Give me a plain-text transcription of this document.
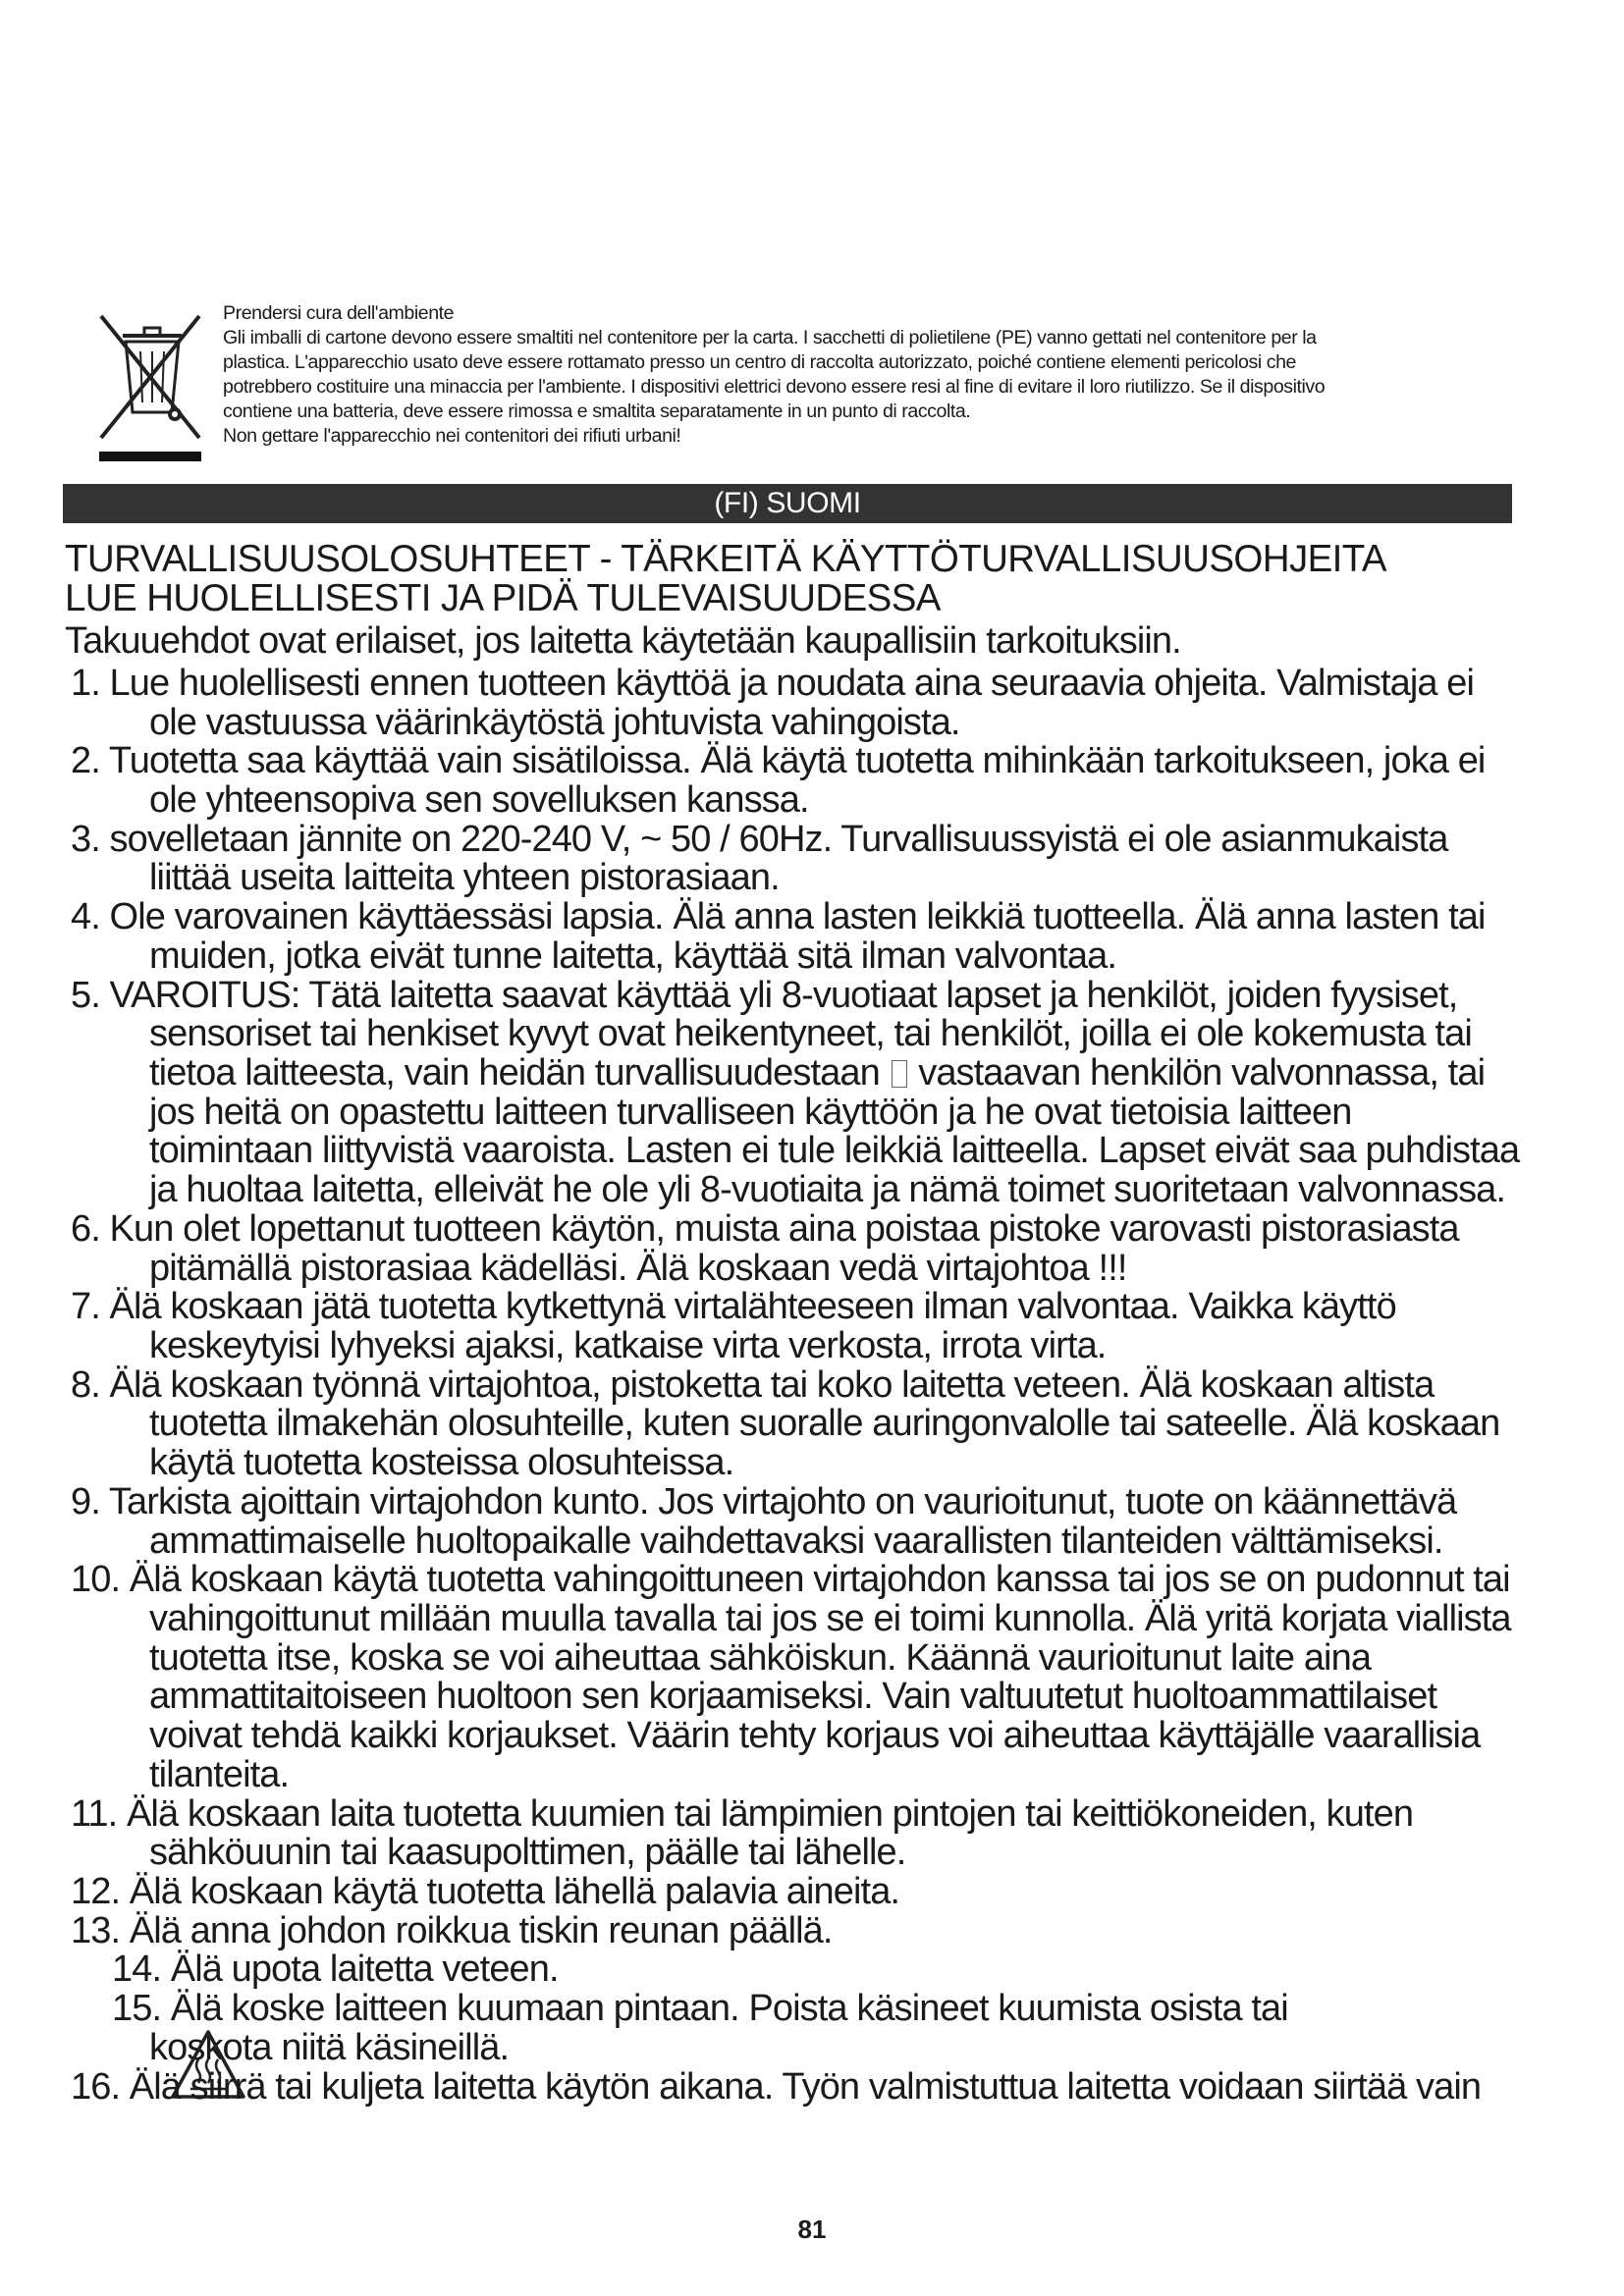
Prendersi cura dell'ambiente
Gli imballi di cartone devono essere smaltiti nel contenitore per la carta. I sacchetti di polietilene (PE) vanno gettati nel contenitore per la
plastica. L'apparecchio usato deve essere rottamato presso un centro di raccolta autorizzato, poiché contiene elementi pericolosi che
potrebbero costituire una minaccia per l'ambiente. I dispositivi elettrici devono essere resi al fine di evitare il loro riutilizzo. Se il dispositivo
contiene una batteria, deve essere rimossa e smaltita separatamente in un punto di raccolta.
Non gettare l'apparecchio nei contenitori dei rifiuti urbani!
(FI) SUOMI
TURVALLISUUSOLOSUHTEET - TÄRKEITÄ KÄYTTÖTURVALLISUUSOHJEITA
LUE HUOLELLISESTI JA PIDÄ TULEVAISUUDESSA
Takuuehdot ovat erilaiset, jos laitetta käytetään kaupallisiin tarkoituksiin.
1. Lue huolellisesti ennen tuotteen käyttöä ja noudata aina seuraavia ohjeita. Valmistaja ei
ole vastuussa väärinkäytöstä johtuvista vahingoista.
2. Tuotetta saa käyttää vain sisätiloissa. Älä käytä tuotetta mihinkään tarkoitukseen, joka ei
ole yhteensopiva sen sovelluksen kanssa.
3. sovelletaan jännite on 220-240 V, ~ 50 / 60Hz. Turvallisuussyistä ei ole asianmukaista
liittää useita laitteita yhteen pistorasiaan.
4. Ole varovainen käyttäessäsi lapsia. Älä anna lasten leikkiä tuotteella. Älä anna lasten tai
muiden, jotka eivät tunne laitetta, käyttää sitä ilman valvontaa.
5. VAROITUS: Tätä laitetta saavat käyttää yli 8-vuotiaat lapset ja henkilöt, joiden fyysiset,
sensoriset tai henkiset kyvyt ovat heikentyneet, tai henkilöt, joilla ei ole kokemusta tai
tietoa laitteesta, vain heidän turvallisuudestaan vastaavan henkilön valvonnassa, tai
jos heitä on opastettu laitteen turvalliseen käyttöön ja he ovat tietoisia laitteen
toimintaan liittyvistä vaaroista. Lasten ei tule leikkiä laitteella. Lapset eivät saa puhdistaa
ja huoltaa laitetta, elleivät he ole yli 8-vuotiaita ja nämä toimet suoritetaan valvonnassa.
6. Kun olet lopettanut tuotteen käytön, muista aina poistaa pistoke varovasti pistorasiasta
pitämällä pistorasiaa kädelläsi. Älä koskaan vedä virtajohtoa !!!
7. Älä koskaan jätä tuotetta kytkettynä virtalähteeseen ilman valvontaa. Vaikka käyttö
keskeytyisi lyhyeksi ajaksi, katkaise virta verkosta, irrota virta.
8. Älä koskaan työnnä virtajohtoa, pistoketta tai koko laitetta veteen. Älä koskaan altista
tuotetta ilmakehän olosuhteille, kuten suoralle auringonvalolle tai sateelle. Älä koskaan
käytä tuotetta kosteissa olosuhteissa.
9. Tarkista ajoittain virtajohdon kunto. Jos virtajohto on vaurioitunut, tuote on käännettävä
ammattimaiselle huoltopaikalle vaihdettavaksi vaarallisten tilanteiden välttämiseksi.
10. Älä koskaan käytä tuotetta vahingoittuneen virtajohdon kanssa tai jos se on pudonnut tai
vahingoittunut millään muulla tavalla tai jos se ei toimi kunnolla. Älä yritä korjata viallista
tuotetta itse, koska se voi aiheuttaa sähköiskun. Käännä vaurioitunut laite aina
ammattitaitoiseen huoltoon sen korjaamiseksi. Vain valtuutetut huoltoammattilaiset
voivat tehdä kaikki korjaukset. Väärin tehty korjaus voi aiheuttaa käyttäjälle vaarallisia
tilanteita.
11. Älä koskaan laita tuotetta kuumien tai lämpimien pintojen tai keittiökoneiden, kuten
sähköuunin tai kaasupolttimen, päälle tai lähelle.
12. Älä koskaan käytä tuotetta lähellä palavia aineita.
13. Älä anna johdon roikkua tiskin reunan päällä.
14. Älä upota laitetta veteen.
15. Älä koske laitteen kuumaan pintaan. Poista käsineet kuumista osista tai
koskota niitä käsineillä.
16. Älä siirrä tai kuljeta laitetta käytön aikana. Työn valmistuttua laitetta voidaan siirtää vain
81
